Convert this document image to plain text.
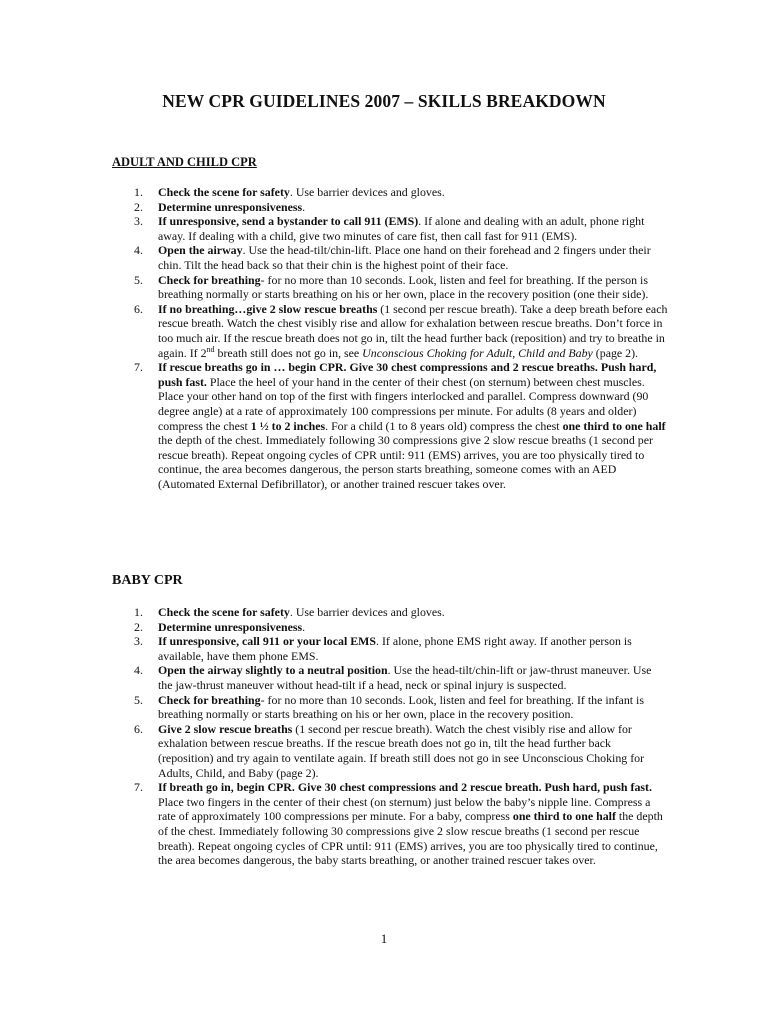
NEW CPR GUIDELINES 2007 – SKILLS BREAKDOWN
ADULT AND CHILD CPR
1. Check the scene for safety. Use barrier devices and gloves.
2. Determine unresponsiveness.
3. If unresponsive, send a bystander to call 911 (EMS). If alone and dealing with an adult, phone right away. If dealing with a child, give two minutes of care fist, then call fast for 911 (EMS).
4. Open the airway. Use the head-tilt/chin-lift. Place one hand on their forehead and 2 fingers under their chin. Tilt the head back so that their chin is the highest point of their face.
5. Check for breathing- for no more than 10 seconds. Look, listen and feel for breathing. If the person is breathing normally or starts breathing on his or her own, place in the recovery position (one their side).
6. If no breathing…give 2 slow rescue breaths (1 second per rescue breath). Take a deep breath before each rescue breath. Watch the chest visibly rise and allow for exhalation between rescue breaths. Don’t force in too much air. If the rescue breath does not go in, tilt the head further back (reposition) and try to breathe in again. If 2nd breath still does not go in, see Unconscious Choking for Adult, Child and Baby (page 2).
7. If rescue breaths go in … begin CPR. Give 30 chest compressions and 2 rescue breaths. Push hard, push fast. Place the heel of your hand in the center of their chest (on sternum) between chest muscles. Place your other hand on top of the first with fingers interlocked and parallel. Compress downward (90 degree angle) at a rate of approximately 100 compressions per minute. For adults (8 years and older) compress the chest 1 ½ to 2 inches. For a child (1 to 8 years old) compress the chest one third to one half the depth of the chest. Immediately following 30 compressions give 2 slow rescue breaths (1 second per rescue breath). Repeat ongoing cycles of CPR until: 911 (EMS) arrives, you are too physically tired to continue, the area becomes dangerous, the person starts breathing, someone comes with an AED (Automated External Defibrillator), or another trained rescuer takes over.
BABY CPR
1. Check the scene for safety. Use barrier devices and gloves.
2. Determine unresponsiveness.
3. If unresponsive, call 911 or your local EMS. If alone, phone EMS right away. If another person is available, have them phone EMS.
4. Open the airway slightly to a neutral position. Use the head-tilt/chin-lift or jaw-thrust maneuver. Use the jaw-thrust maneuver without head-tilt if a head, neck or spinal injury is suspected.
5. Check for breathing- for no more than 10 seconds. Look, listen and feel for breathing. If the infant is breathing normally or starts breathing on his or her own, place in the recovery position.
6. Give 2 slow rescue breaths (1 second per rescue breath). Watch the chest visibly rise and allow for exhalation between rescue breaths. If the rescue breath does not go in, tilt the head further back (reposition) and try again to ventilate again. If breath still does not go in see Unconscious Choking for Adults, Child, and Baby (page 2).
7. If breath go in, begin CPR. Give 30 chest compressions and 2 rescue breath. Push hard, push fast. Place two fingers in the center of their chest (on sternum) just below the baby’s nipple line. Compress a rate of approximately 100 compressions per minute. For a baby, compress one third to one half the depth of the chest. Immediately following 30 compressions give 2 slow rescue breaths (1 second per rescue breath). Repeat ongoing cycles of CPR until: 911 (EMS) arrives, you are too physically tired to continue, the area becomes dangerous, the baby starts breathing, or another trained rescuer takes over.
1
